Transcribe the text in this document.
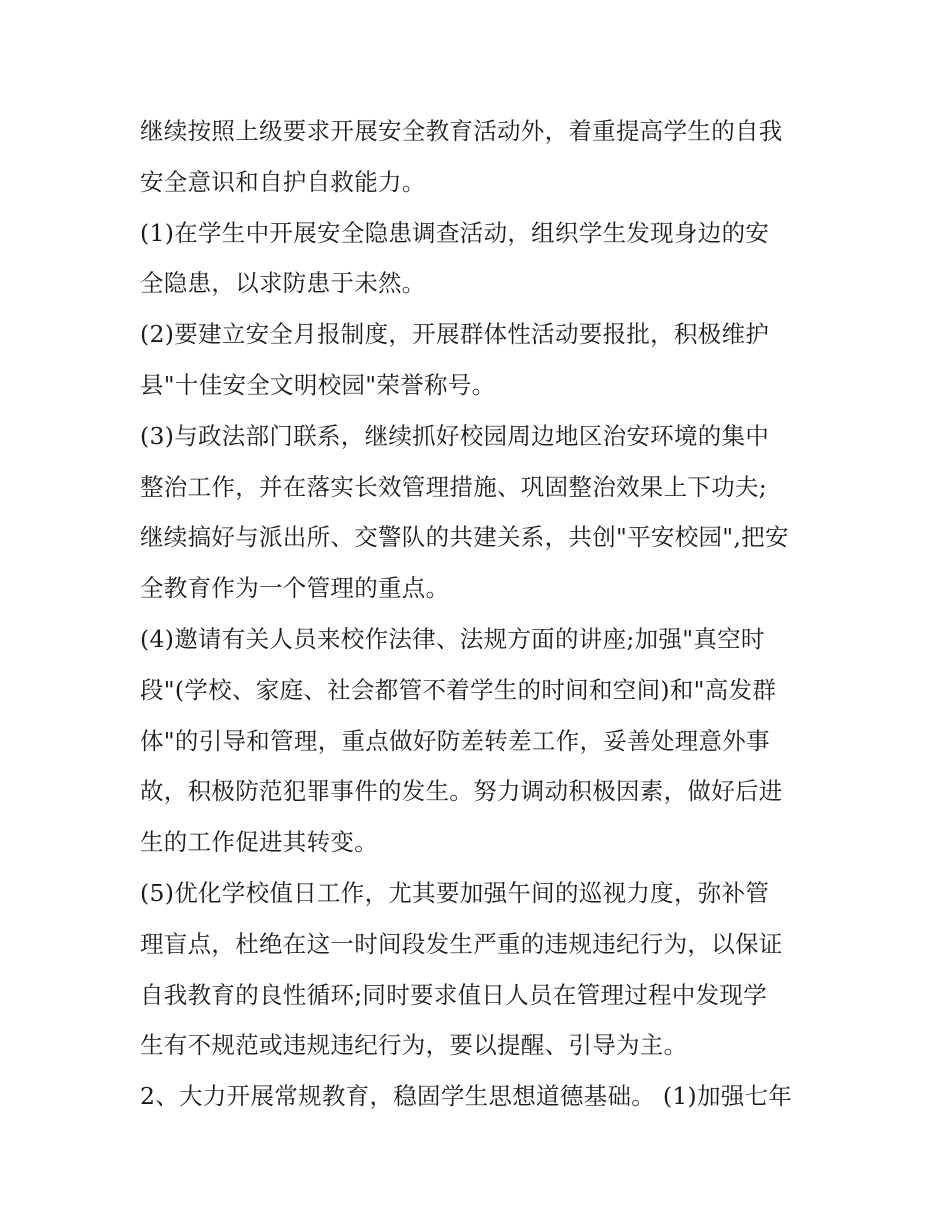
继续按照上级要求开展安全教育活动外，着重提高学生的自我
安全意识和自护自救能力。
(1)在学生中开展安全隐患调查活动，组织学生发现身边的安
全隐患，以求防患于未然。
(2)要建立安全月报制度，开展群体性活动要报批，积极维护
县"十佳安全文明校园"荣誉称号。
(3)与政法部门联系，继续抓好校园周边地区治安环境的集中
整治工作，并在落实长效管理措施、巩固整治效果上下功夫;
继续搞好与派出所、交警队的共建关系，共创"平安校园",把安
全教育作为一个管理的重点。
(4)邀请有关人员来校作法律、法规方面的讲座;加强"真空时
段"(学校、家庭、社会都管不着学生的时间和空间)和"高发群
体"的引导和管理，重点做好防差转差工作，妥善处理意外事
故，积极防范犯罪事件的发生。努力调动积极因素，做好后进
生的工作促进其转变。
(5)优化学校值日工作，尤其要加强午间的巡视力度，弥补管
理盲点，杜绝在这一时间段发生严重的违规违纪行为，以保证
自我教育的良性循环;同时要求值日人员在管理过程中发现学
生有不规范或违规违纪行为，要以提醒、引导为主。
2、大力开展常规教育，稳固学生思想道德基础。 (1)加强七年
